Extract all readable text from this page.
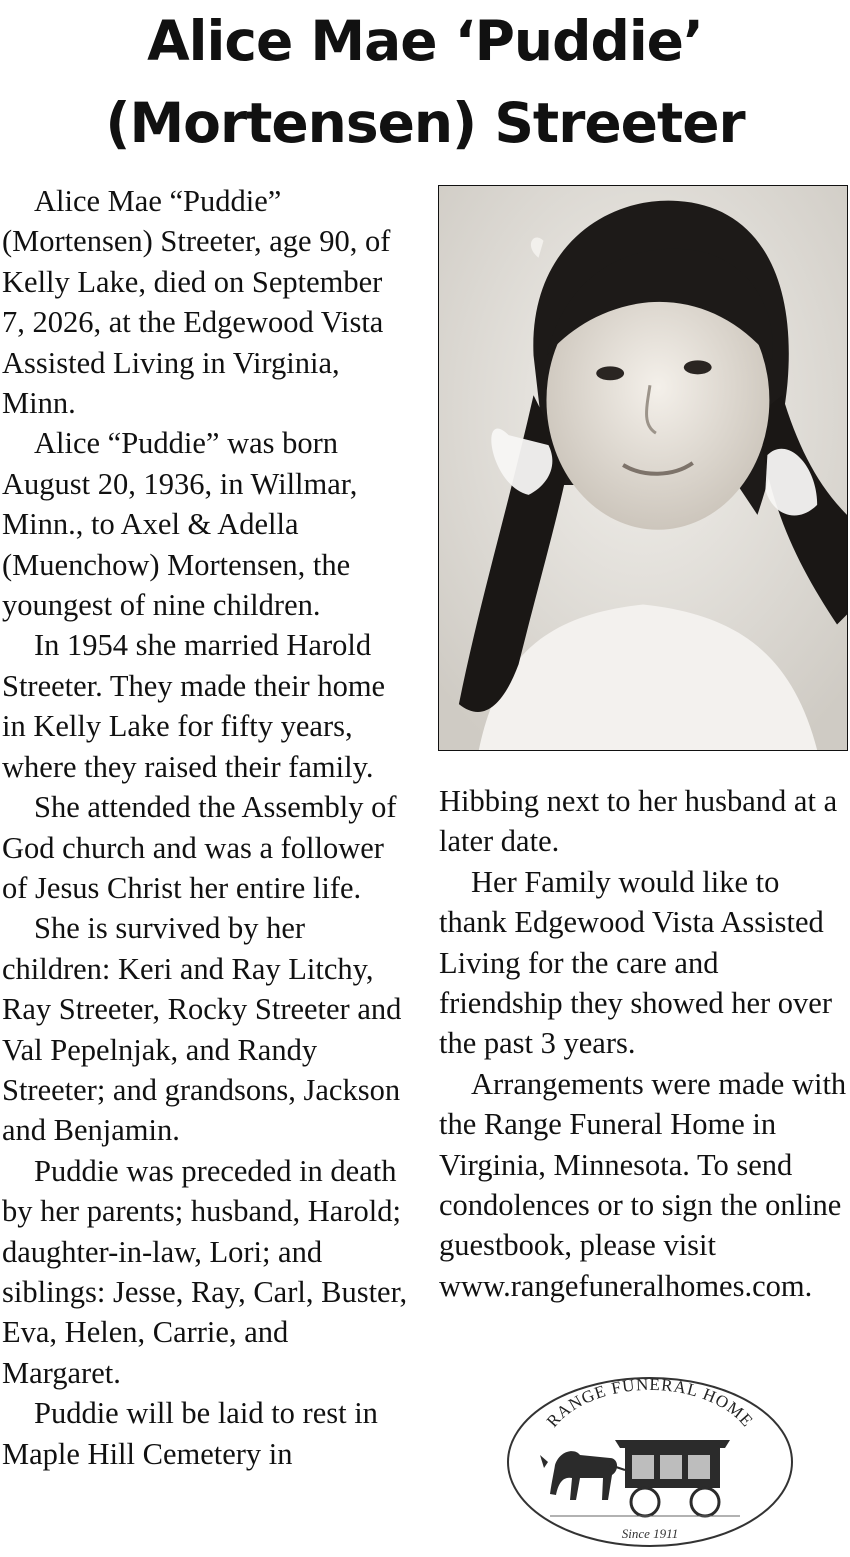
Alice Mae ‘Puddie’
(Mortensen) Streeter

Alice Mae “Puddie” (Mortensen) Streeter, age 90, of Kelly Lake, died on September 7, 2026, at the Edgewood Vista Assisted Living in Virginia, Minn.

Alice “Puddie” was born August 20, 1936, in Willmar, Minn., to Axel & Adella (Muenchow) Mortensen, the youngest of nine children.

In 1954 she married Harold Streeter. They made their home in Kelly Lake for fifty years, where they raised their family.

She attended the Assembly of God church and was a follower of Jesus Christ her entire life.

She is survived by her children: Keri and Ray Litchy, Ray Streeter, Rocky Streeter and Val Pepelnjak, and Randy Streeter; and grandsons, Jackson and Benjamin.

Puddie was preceded in death by her parents; husband, Harold; daughter-in-law, Lori; and siblings: Jesse, Ray, Carl, Buster, Eva, Helen, Carrie, and Margaret.

Puddie will be laid to rest in Maple Hill Cemetery in

Hibbing next to her husband at a later date.

Her Family would like to thank Edgewood Vista Assisted Living for the care and friendship they showed her over the past 3 years.

Arrangements were made with the Range Funeral Home in Virginia, Minnesota. To send condolences or to sign the online guestbook, please visit www.rangefuneralhomes.com.

RANGE FUNERAL HOME
Since 1911
